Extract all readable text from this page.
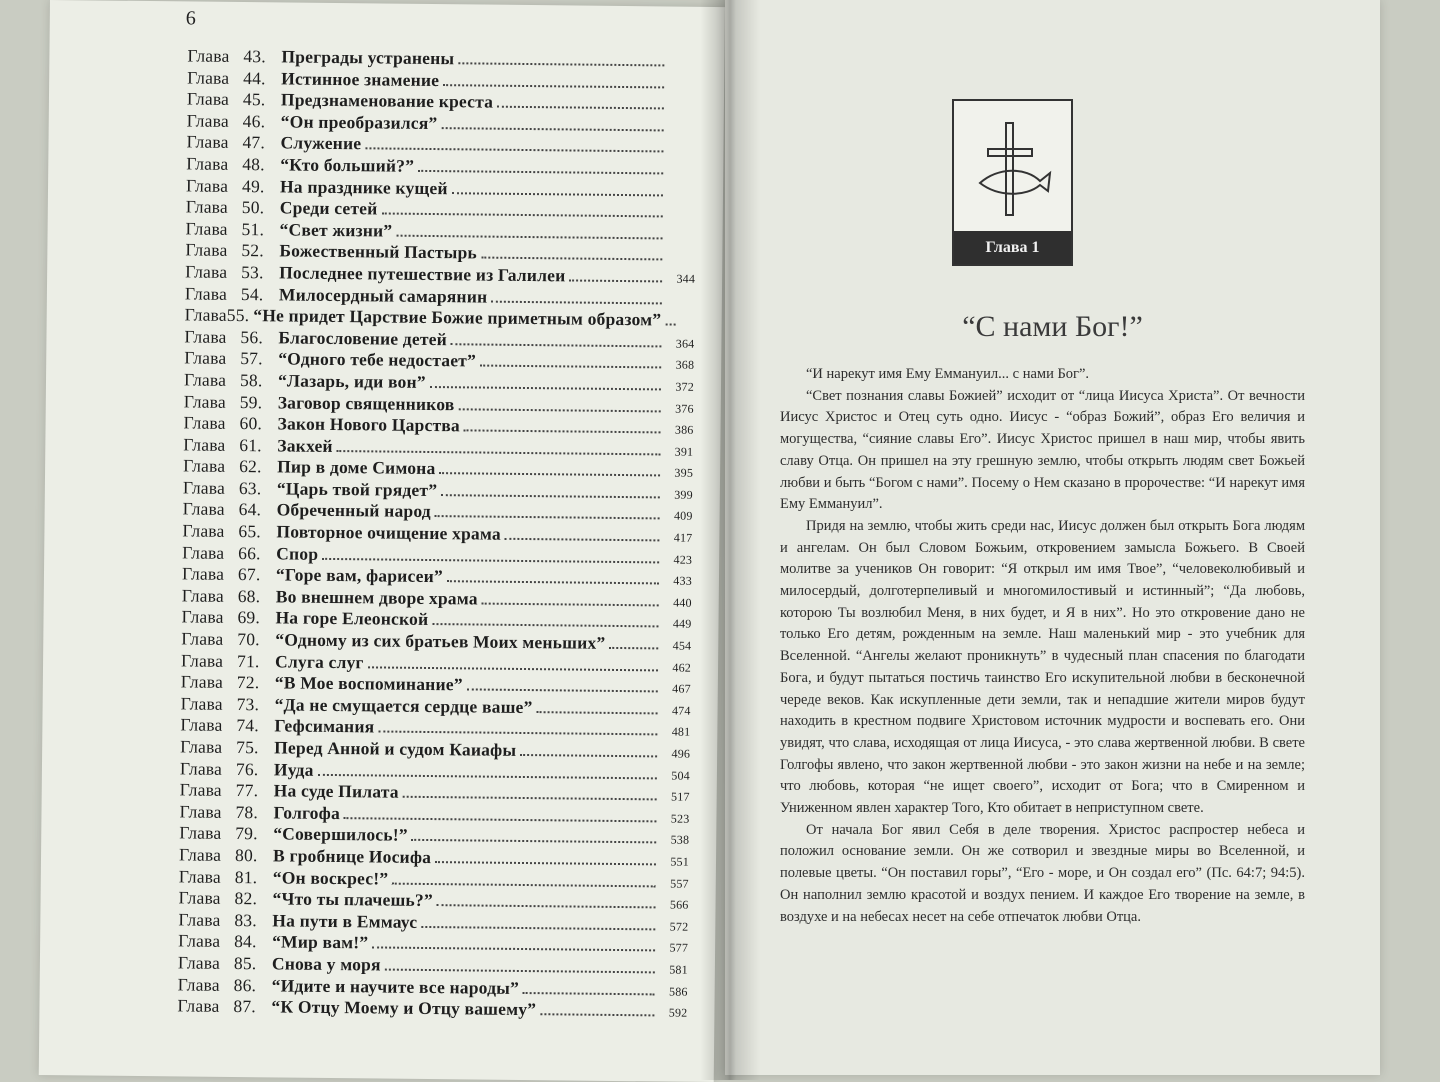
6
Глава 43. Преграды устранены
Глава 44. Истинное знамение
Глава 45. Предзнаменование креста
Глава 46. “Он преобразился”
Глава 47. Служение
Глава 48. “Кто больший?”
Глава 49. На празднике кущей
Глава 50. Среди сетей
Глава 51. “Свет жизни”
Глава 52. Божественный Пастырь
Глава 53. Последнее путешествие из Галилеи	344
Глава 54. Милосердный самарянин
Глава 55. “Не придет Царствие Божие приметным образом”
Глава 56. Благословение детей	364
Глава 57. “Одного тебе недостает”	368
Глава 58. “Лазарь, иди вон”	372
Глава 59. Заговор священников	376
Глава 60. Закон Нового Царства	386
Глава 61. Закхей	391
Глава 62. Пир в доме Симона	395
Глава 63. “Царь твой грядет”	399
Глава 64. Обреченный народ	409
Глава 65. Повторное очищение храма	417
Глава 66. Спор	423
Глава 67. “Горе вам, фарисеи”	433
Глава 68. Во внешнем дворе храма	440
Глава 69. На горе Елеонской	449
Глава 70. “Одному из сих братьев Моих меньших”	454
Глава 71. Слуга слуг	462
Глава 72. “В Мое воспоминание”	467
Глава 73. “Да не смущается сердце ваше”	474
Глава 74. Гефсимания	481
Глава 75. Перед Анной и судом Каиафы	496
Глава 76. Иуда	504
Глава 77. На суде Пилата	517
Глава 78. Голгофа	523
Глава 79. “Совершилось!”	538
Глава 80. В гробнице Иосифа	551
Глава 81. “Он воскрес!”	557
Глава 82. “Что ты плачешь?”	566
Глава 83. На пути в Еммаус	572
Глава 84. “Мир вам!”	577
Глава 85. Снова у моря	581
Глава 86. “Идите и научите все народы”	586
Глава 87. “К Отцу Моему и Отцу вашему”	592
Глава 1
“С нами Бог!”

“И нарекут имя Ему Еммануил... с нами Бог”.

“Свет познания славы Божией” исходит от “лица Иисуса Христа”. От вечности Иисус Христос и Отец суть одно. Иисус - “образ Божий”, образ Его величия и могущества, “сияние славы Его”. Иисус Христос пришел в наш мир, чтобы явить славу Отца. Он пришел на эту грешную землю, чтобы открыть людям свет Божьей любви и быть “Богом с нами”. Посему о Нем сказано в пророчестве: “И нарекут имя Ему Еммануил”.

Придя на землю, чтобы жить среди нас, Иисус должен был открыть Бога людям и ангелам. Он был Словом Божьим, откровением замысла Божьего. В Своей молитве за учеников Он говорит: “Я открыл им имя Твое”, “человеколюбивый и милосердый, долготерпеливый и многомилостивый и истинный”; “Да любовь, которою Ты возлюбил Меня, в них будет, и Я в них”. Но это откровение дано не только Его детям, рожденным на земле. Наш маленький мир - это учебник для Вселенной. “Ангелы желают проникнуть” в чудесный план спасения по благодати Бога, и будут пытаться постичь таинство Его искупительной любви в бесконечной череде веков. Как искупленные дети земли, так и непадшие жители миров будут находить в крестном подвиге Христовом источник мудрости и воспевать его. Они увидят, что слава, исходящая от лица Иисуса, - это слава жертвенной любви. В свете Голгофы явлено, что закон жертвенной любви - это закон жизни на небе и на земле; что любовь, которая “не ищет своего”, исходит от Бога; что в Смиренном и Униженном явлен характер Того, Кто обитает в неприступном свете.

От начала Бог явил Себя в деле творения. Христос распростер небеса и положил основание земли. Он же сотворил и звездные миры во Вселенной, и полевые цветы. “Он поставил горы”, “Его - море, и Он создал его” (Пс. 64:7; 94:5). Он наполнил землю красотой и воздух пением. И каждое Его творение на земле, в воздухе и на небесах несет на себе отпечаток любви Отца.
